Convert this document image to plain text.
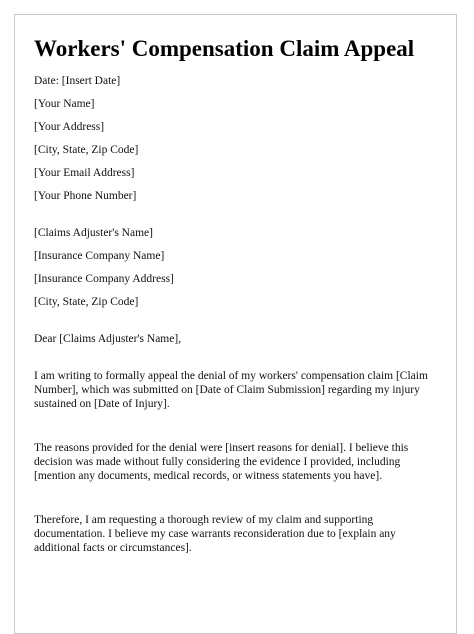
Workers' Compensation Claim Appeal
Date: [Insert Date]
[Your Name]
[Your Address]
[City, State, Zip Code]
[Your Email Address]
[Your Phone Number]
[Claims Adjuster's Name]
[Insurance Company Name]
[Insurance Company Address]
[City, State, Zip Code]
Dear [Claims Adjuster's Name],

I am writing to formally appeal the denial of my workers' compensation claim [Claim Number], which was submitted on [Date of Claim Submission] regarding my injury sustained on [Date of Injury].

The reasons provided for the denial were [insert reasons for denial]. I believe this decision was made without fully considering the evidence I provided, including [mention any documents, medical records, or witness statements you have].

Therefore, I am requesting a thorough review of my claim and supporting documentation. I believe my case warrants reconsideration due to [explain any additional facts or circumstances].
